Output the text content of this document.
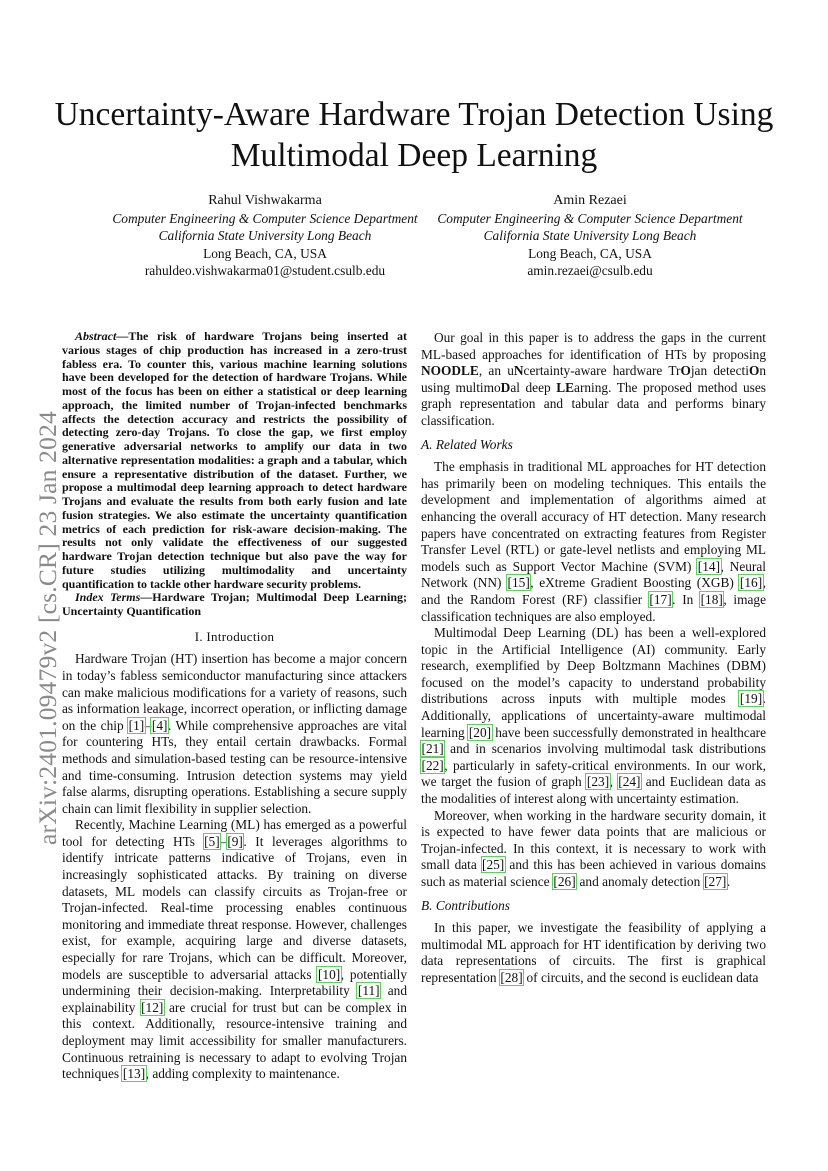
arXiv:2401.09479v2 [cs.CR] 23 Jan 2024
Uncertainty-Aware Hardware Trojan Detection Using Multimodal Deep Learning
Rahul Vishwakarma
Computer Engineering & Computer Science Department
California State University Long Beach
Long Beach, CA, USA
rahuldeo.vishwakarma01@student.csulb.edu
Amin Rezaei
Computer Engineering & Computer Science Department
California State University Long Beach
Long Beach, CA, USA
amin.rezaei@csulb.edu

Abstract—The risk of hardware Trojans being inserted at various stages of chip production has increased in a zero-trust fabless era. To counter this, various machine learning solutions have been developed for the detection of hardware Trojans. While most of the focus has been on either a statistical or deep learning approach, the limited number of Trojan-infected benchmarks affects the detection accuracy and restricts the possibility of detecting zero-day Trojans. To close the gap, we first employ generative adversarial networks to amplify our data in two alternative representation modalities: a graph and a tabular, which ensure a representative distribution of the dataset. Further, we propose a multimodal deep learning approach to detect hardware Trojans and evaluate the results from both early fusion and late fusion strategies. We also estimate the uncertainty quantification metrics of each prediction for risk-aware decision-making. The results not only validate the effectiveness of our suggested hardware Trojan detection technique but also pave the way for future studies utilizing multimodality and uncertainty quantification to tackle other hardware security problems.

Index Terms—Hardware Trojan; Multimodal Deep Learning; Uncertainty Quantification

I. Introduction

Hardware Trojan (HT) insertion has become a major concern in today’s fabless semiconductor manufacturing since attackers can make malicious modifications for a variety of reasons, such as information leakage, incorrect operation, or inflicting damage on the chip [1]–[4]. While comprehensive approaches are vital for countering HTs, they entail certain drawbacks. Formal methods and simulation-based testing can be resource-intensive and time-consuming. Intrusion detection systems may yield false alarms, disrupting operations. Establishing a secure supply chain can limit flexibility in supplier selection.

Recently, Machine Learning (ML) has emerged as a powerful tool for detecting HTs [5]–[9]. It leverages algorithms to identify intricate patterns indicative of Trojans, even in increasingly sophisticated attacks. By training on diverse datasets, ML models can classify circuits as Trojan-free or Trojan-infected. Real-time processing enables continuous monitoring and immediate threat response. However, challenges exist, for example, acquiring large and diverse datasets, especially for rare Trojans, which can be difficult. Moreover, models are susceptible to adversarial attacks [10], potentially undermining their decision-making. Interpretability [11] and explainability [12] are crucial for trust but can be complex in this context. Additionally, resource-intensive training and deployment may limit accessibility for smaller manufacturers. Continuous retraining is necessary to adapt to evolving Trojan techniques [13], adding complexity to maintenance.

Our goal in this paper is to address the gaps in the current ML-based approaches for identification of HTs by proposing NOODLE, an uNcertainty-aware hardware TrOjan detectiOn using multimoDal deep LEarning. The proposed method uses graph representation and tabular data and performs binary classification.

A. Related Works

The emphasis in traditional ML approaches for HT detection has primarily been on modeling techniques. This entails the development and implementation of algorithms aimed at enhancing the overall accuracy of HT detection. Many research papers have concentrated on extracting features from Register Transfer Level (RTL) or gate-level netlists and employing ML models such as Support Vector Machine (SVM) [14], Neural Network (NN) [15], eXtreme Gradient Boosting (XGB) [16], and the Random Forest (RF) classifier [17]. In [18], image classification techniques are also employed.

Multimodal Deep Learning (DL) has been a well-explored topic in the Artificial Intelligence (AI) community. Early research, exemplified by Deep Boltzmann Machines (DBM) focused on the model’s capacity to understand probability distributions across inputs with multiple modes [19]. Additionally, applications of uncertainty-aware multimodal learning [20] have been successfully demonstrated in healthcare [21] and in scenarios involving multimodal task distributions [22], particularly in safety-critical environments. In our work, we target the fusion of graph [23], [24] and Euclidean data as the modalities of interest along with uncertainty estimation.

Moreover, when working in the hardware security domain, it is expected to have fewer data points that are malicious or Trojan-infected. In this context, it is necessary to work with small data [25] and this has been achieved in various domains such as material science [26] and anomaly detection [27].

B. Contributions

In this paper, we investigate the feasibility of applying a multimodal ML approach for HT identification by deriving two data representations of circuits. The first is graphical representation [28] of circuits, and the second is euclidean data
